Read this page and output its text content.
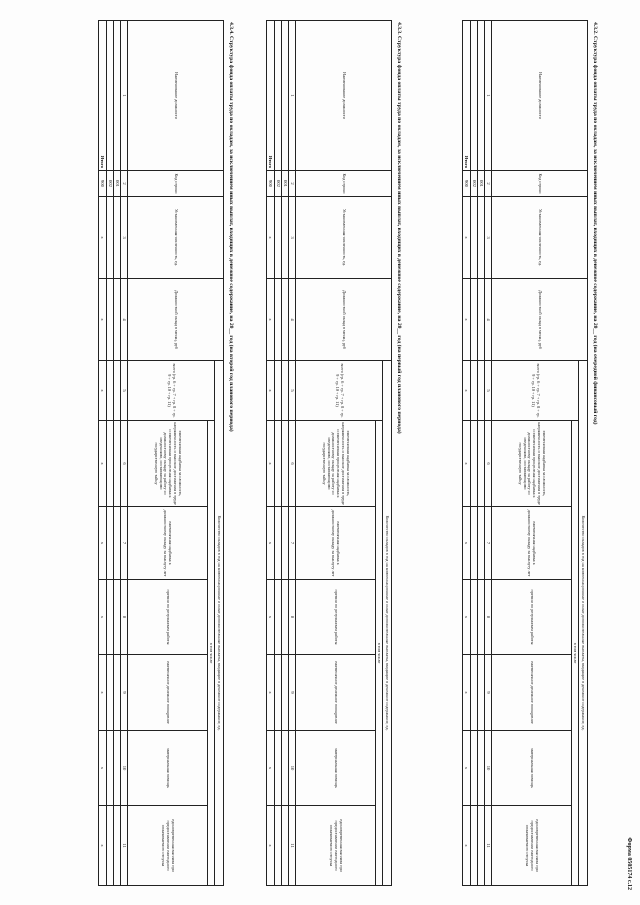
Форма 0505174 с.12
4.3.2. Структура фонда оплаты труда по окладам, за исключением иных выплат, входящих в денежное содержание, на 20__ год (на очередной финансовый год)
Наименование должности	Код строки	Установленная численность, ед.	Должностной оклад в месяц, руб	Количество окладов в год на компенсационные и иные дополнительные выплаты, входящие в денежное содержание, ед.						
				всего (гр. 6 + гр. 7 + гр. 8 + гр. 9 + гр. 10 + гр. 11)	в том числе					
					ежемесячная надбавка за сложность, напряженность и высокие достижения в труде и ежемесячная процентная надбавка к должностному окладу за работу со сведениями, составляющими государственную тайну	ежемесячная надбавка к должностному окладу за выслугу лет	премии по результатам работы	ежемесячное денежное поощрение	материальная помощь	единовременная выплата при предоставлении ежегодного оплачиваемого отпуска
1	2	3	4	5	6	7	8	9	10	11
	001									
	002									
Итого	900	x	x	x	x	x	x	x	x	x
4.3.3. Структура фонда оплаты труда по окладам, за исключением иных выплат, входящих в денежное содержание, на 20__ год (на первый год планового периода)
Наименование должности	Код строки	Установленная численность, ед.	Должностной оклад в месяц, руб	Количество окладов в год на компенсационные и иные дополнительные выплаты, входящие в денежное содержание, ед.						
				всего (гр. 6 + гр. 7 + гр. 8 + гр. 9 + гр. 10 + гр. 11)	в том числе					
					ежемесячная надбавка за сложность, напряженность и высокие достижения в труде и ежемесячная процентная надбавка к должностному окладу за работу со сведениями, составляющими государственную тайну	ежемесячная надбавка к должностному окладу за выслугу лет	премии по результатам работы	ежемесячное денежное поощрение	материальная помощь	единовременная выплата при предоставлении ежегодного оплачиваемого отпуска
1	2	3	4	5	6	7	8	9	10	11
	001									
	002									
Итого	900	x	x	x	x	x	x	x	x	x
4.3.4. Структура фонда оплаты труда по окладам, за исключением иных выплат, входящих в денежное содержание, на 20__ год (на второй год планового периода)
Наименование должности	Код строки	Установленная численность, ед.	Должностной оклад в месяц, руб	Количество окладов в год на компенсационные и иные дополнительные выплаты, входящие в денежное содержание, ед.						
				всего (гр. 6 + гр. 7 + гр. 8 + гр. 9 + гр. 10 + гр. 11)	в том числе					
					ежемесячная надбавка за сложность, напряженность и высокие достижения в труде и ежемесячная процентная надбавка к должностному окладу за работу со сведениями, составляющими государственную тайну	ежемесячная надбавка к должностному окладу за выслугу лет	премии по результатам работы	ежемесячное денежное поощрение	материальная помощь	единовременная выплата при предоставлении ежегодного оплачиваемого отпуска
1	2	3	4	5	6	7	8	9	10	11
	001									
	002									
Итого	900	x	x	x	x	x	x	x	x	x
